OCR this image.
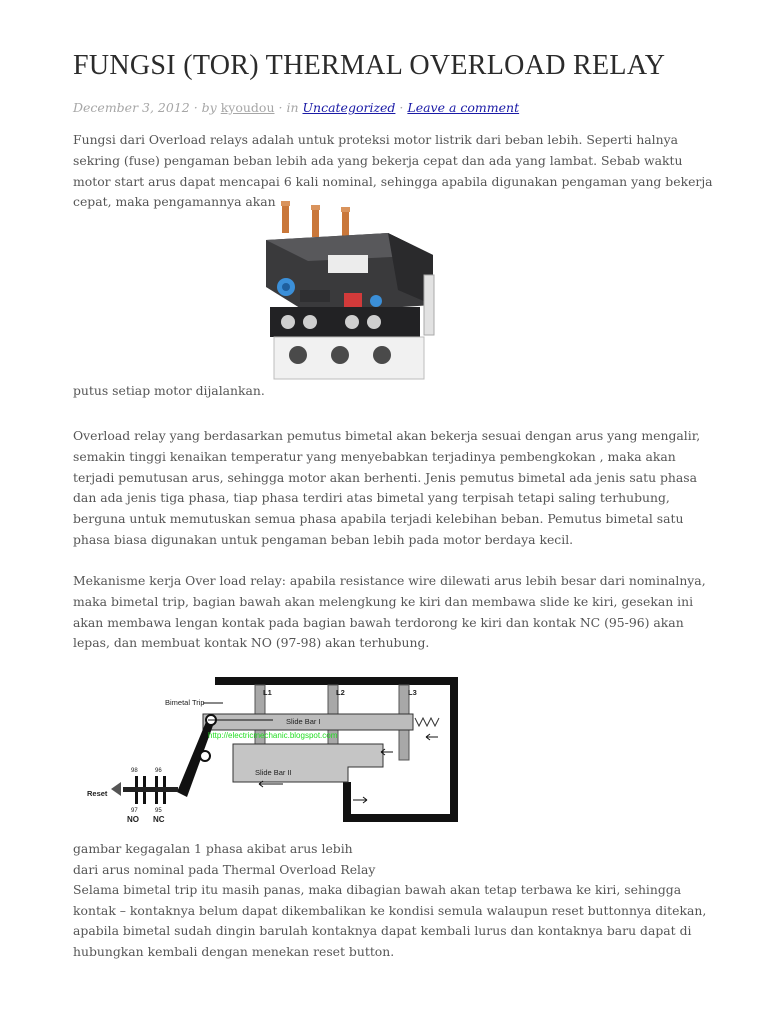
FUNGSI (TOR) THERMAL OVERLOAD RELAY
December 3, 2012 · by kyoudou · in Uncategorized · Leave a comment

Fungsi dari Overload relays adalah untuk proteksi motor listrik dari beban lebih. Seperti halnya sekring (fuse) pengaman beban lebih ada yang bekerja cepat dan ada yang lambat. Sebab waktu motor start arus dapat mencapai 6 kali nominal, sehingga apabila digunakan pengaman yang bekerja cepat, maka pengamannya akan

putus setiap motor dijalankan.

Overload relay yang berdasarkan pemutus bimetal akan bekerja sesuai dengan arus yang mengalir, semakin tinggi kenaikan temperatur yang menyebabkan terjadinya pembengkokan , maka akan terjadi pemutusan arus, sehingga motor akan berhenti. Jenis pemutus bimetal ada jenis satu phasa dan ada jenis tiga phasa, tiap phasa terdiri atas bimetal yang terpisah tetapi saling terhubung, berguna untuk memutuskan semua phasa apabila terjadi kelebihan beban. Pemutus bimetal satu phasa biasa digunakan untuk pengaman beban lebih pada motor berdaya kecil.

Mekanisme kerja Over load relay: apabila resistance wire dilewati arus lebih besar dari nominalnya, maka bimetal trip, bagian bawah akan melengkung ke kiri dan membawa slide ke kiri, gesekan ini akan membawa lengan kontak pada bagian bawah terdorong ke kiri dan kontak NC (95-96) akan lepas, dan membuat kontak NO (97-98) akan terhubung.

Bimetal Trip
L1	L2	L3
Slide Bar I
Slide Bar II
http://electricmechanic.blogspot.com
Reset
98	96
97	95
NO NC

gambar kegagalan 1 phasa akibat arus lebih
dari arus nominal pada Thermal Overload Relay
Selama bimetal trip itu masih panas, maka dibagian bawah akan tetap terbawa ke kiri, sehingga kontak – kontaknya belum dapat dikembalikan ke kondisi semula walaupun reset buttonnya ditekan, apabila bimetal sudah dingin barulah kontaknya dapat kembali lurus dan kontaknya baru dapat di hubungkan kembali dengan menekan reset button.
